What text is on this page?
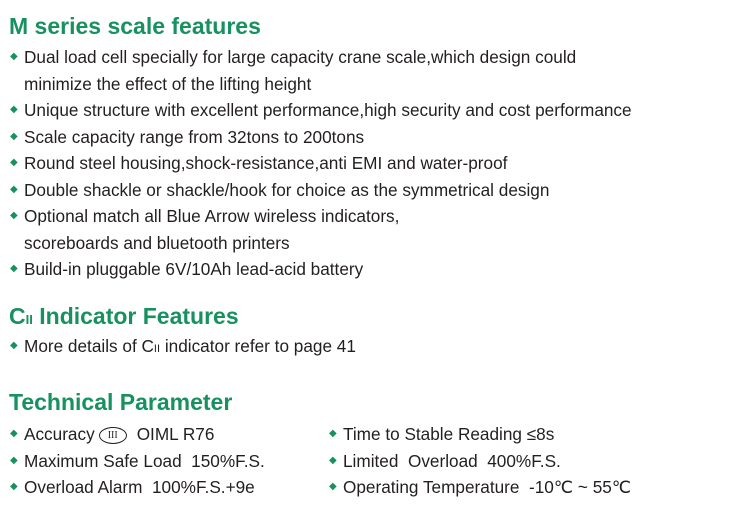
M series scale features
◆ Dual load cell specially for large capacity crane scale,which design could
minimize the effect of the lifting height
◆ Unique structure with excellent performance,high security and cost performance
◆ Scale capacity range from 32tons to 200tons
◆ Round steel housing,shock-resistance,anti EMI and water-proof
◆ Double shackle or shackle/hook for choice as the symmetrical design
◆ Optional match all Blue Arrow wireless indicators,
scoreboards and bluetooth printers
◆ Build-in pluggable 6V/10Ah lead-acid battery
CII Indicator Features
◆ More details of CII indicator refer to page 41
Technical Parameter
◆ Accuracy III OIML R76
◆ Maximum Safe Load  150%F.S.
◆ Overload Alarm  100%F.S.+9e
◆ Time to Stable Reading ≤8s
◆ Limited  Overload  400%F.S.
◆ Operating Temperature  -10℃ ~ 55℃
